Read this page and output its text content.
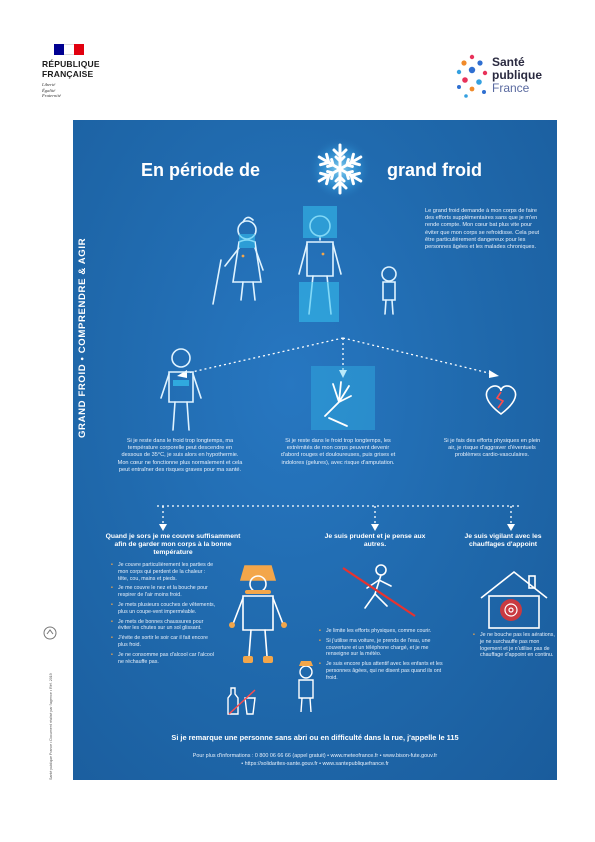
RÉPUBLIQUE
FRANÇAISE
Liberté
Égalité
Fraternité
Santé
publique
France
GRAND FROID • COMPRENDRE & AGIR
En période de	grand froid
Le grand froid demande à mon corps de faire des efforts supplémentaires sans que je m'en rende compte. Mon cœur bat plus vite pour éviter que mon corps se refroidisse. Cela peut être particulièrement dangereux pour les personnes âgées et les malades chroniques.
Si je reste dans le froid trop longtemps, ma température corporelle peut descendre en dessous de 35°C, je suis alors en hypothermie. Mon cœur ne fonctionne plus normalement et cela peut entraîner des risques graves pour ma santé.
Si je reste dans le froid trop longtemps, les extrémités de mon corps peuvent devenir d'abord rouges et douloureuses, puis grises et indolores (gelures), avec risque d'amputation.
Si je fais des efforts physiques en plein air, je risque d'aggraver d'éventuels problèmes cardio-vasculaires.
Quand je sors je me couvre suffisamment afin de garder mon corps à la bonne température
Je suis prudent et je pense aux autres.
Je suis vigilant avec les chauffages d'appoint
• Je couvre particulièrement les parties de mon corps qui perdent de la chaleur : tête, cou, mains et pieds.
• Je me couvre le nez et la bouche pour respirer de l'air moins froid.
• Je mets plusieurs couches de vêtements, plus un coupe-vent imperméable.
• Je mets de bonnes chaussures pour éviter les chutes sur un sol glissant.
• J'évite de sortir le soir car il fait encore plus froid.
• Je ne consomme pas d'alcool car l'alcool ne réchauffe pas.
• Je limite les efforts physiques, comme courir.
• Si j'utilise ma voiture, je prends de l'eau, une couverture et un téléphone chargé, et je me renseigne sur la météo.
• Je suis encore plus attentif avec les enfants et les personnes âgées, qui ne disent pas quand ils ont froid.
• Je ne bouche pas les aérations, je ne surchauffe pas mon logement et je n'utilise pas de chauffage d'appoint en continu.
Si je remarque une personne sans abri ou en difficulté dans la rue, j'appelle le 115
Pour plus d'informations : 0 800 06 66 66 (appel gratuit) • www.meteofrance.fr • www.bison-fute.gouv.fr
• https://solidarites-sante.gouv.fr • www.santepubliquefrance.fr
Santé publique France • Document réalisé par l'agence • Réf. 2019
